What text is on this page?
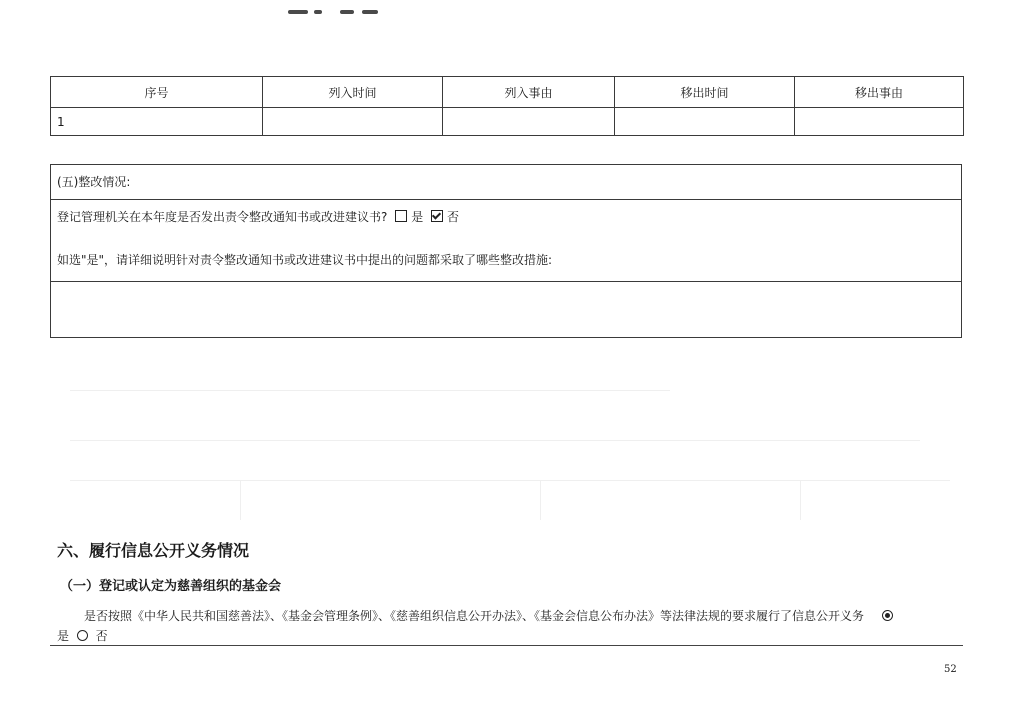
序号	列入时间	列入事由	移出时间	移出事由
1				
(五)整改情况:
登记管理机关在本年度是否发出责令整改通知书或改进建议书? 是 否
如选"是"，请详细说明针对责令整改通知书或改进建议书中提出的问题都采取了哪些整改措施:
六、履行信息公开义务情况
（一）登记或认定为慈善组织的基金会
是否按照《中华人民共和国慈善法》、《基金会管理条例》、《慈善组织信息公开办法》、《基金会信息公布办法》等法律法规的要求履行了信息公开义务
是 否
52
